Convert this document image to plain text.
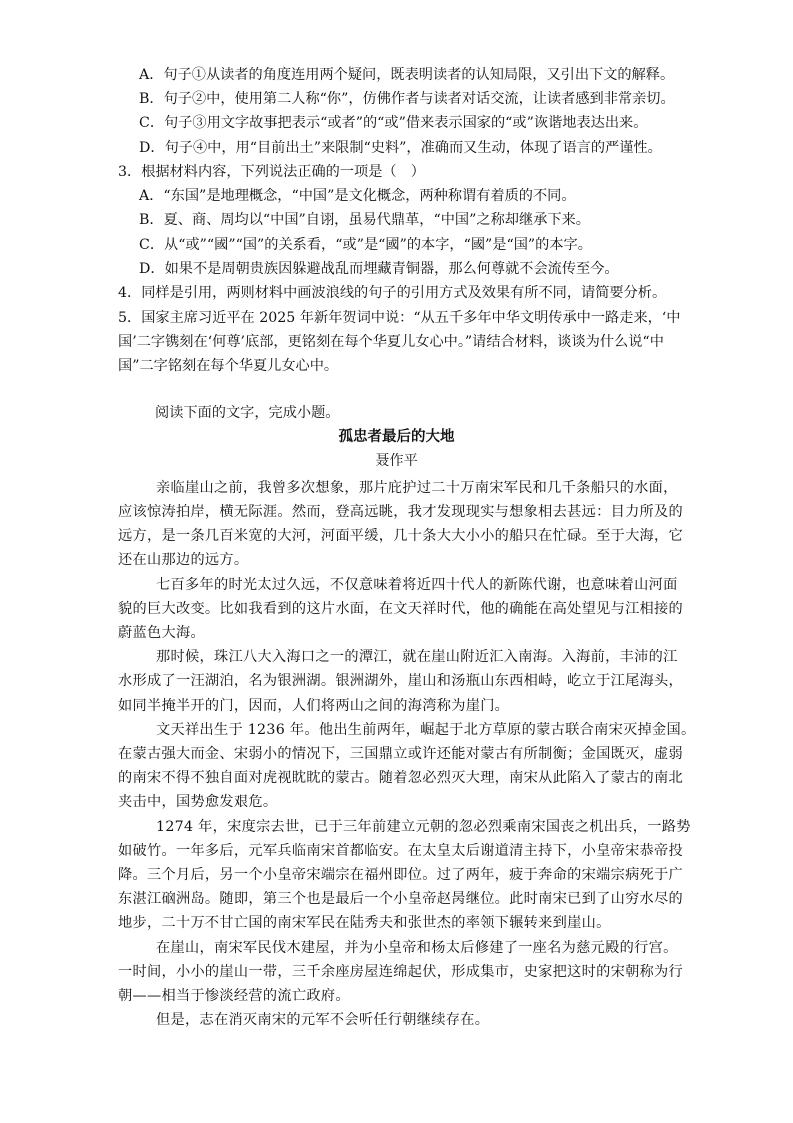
A．句子①从读者的角度连用两个疑问，既表明读者的认知局限，又引出下文的解释。
B．句子②中，使用第二人称“你”，仿佛作者与读者对话交流，让读者感到非常亲切。
C．句子③用文字故事把表示“或者”的“或”借来表示国家的“或”诙谐地表达出来。
D．句子④中，用“目前出土”来限制“史料”，准确而又生动，体现了语言的严谨性。
3．根据材料内容，下列说法正确的一项是（　）
A．“东国”是地理概念，“中国”是文化概念，两种称谓有着质的不同。
B．夏、商、周均以“中国”自诩，虽易代鼎革，“中国”之称却继承下来。
C．从“或”“國”“国”的关系看，“或”是“國”的本字，“國”是“国”的本字。
D．如果不是周朝贵族因躲避战乱而埋藏青铜器，那么何尊就不会流传至今。
4．同样是引用，两则材料中画波浪线的句子的引用方式及效果有所不同，请简要分析。
5．国家主席习近平在 2025 年新年贺词中说：“从五千多年中华文明传承中一路走来，‘中
国’二字镌刻在‘何尊’底部，更铭刻在每个华夏儿女心中。”请结合材料，谈谈为什么说“中
国”二字铭刻在每个华夏儿女心中。
阅读下面的文字，完成小题。
孤忠者最后的大地
聂作平
亲临崖山之前，我曾多次想象，那片庇护过二十万南宋军民和几千条船只的水面，
应该惊涛拍岸，横无际涯。然而，登高远眺，我才发现现实与想象相去甚远：目力所及的
远方，是一条几百米宽的大河，河面平缓，几十条大大小小的船只在忙碌。至于大海，它
还在山那边的远方。
七百多年的时光太过久远，不仅意味着将近四十代人的新陈代谢，也意味着山河面
貌的巨大改变。比如我看到的这片水面，在文天祥时代，他的确能在高处望见与江相接的
蔚蓝色大海。
那时候，珠江八大入海口之一的潭江，就在崖山附近汇入南海。入海前，丰沛的江
水形成了一汪湖泊，名为银洲湖。银洲湖外，崖山和汤瓶山东西相峙，屹立于江尾海头，
如同半掩半开的门，因而，人们将两山之间的海湾称为崖门。
文天祥出生于 1236 年。他出生前两年，崛起于北方草原的蒙古联合南宋灭掉金国。
在蒙古强大而金、宋弱小的情况下，三国鼎立或许还能对蒙古有所制衡；金国既灭，虚弱
的南宋不得不独自面对虎视眈眈的蒙古。随着忽必烈灭大理，南宋从此陷入了蒙古的南北
夹击中，国势愈发艰危。
1274 年，宋度宗去世，已于三年前建立元朝的忽必烈乘南宋国丧之机出兵，一路势
如破竹。一年多后，元军兵临南宋首都临安。在太皇太后谢道清主持下，小皇帝宋恭帝投
降。三个月后，另一个小皇帝宋端宗在福州即位。过了两年，疲于奔命的宋端宗病死于广
东湛江硇洲岛。随即，第三个也是最后一个小皇帝赵昺继位。此时南宋已到了山穷水尽的
地步，二十万不甘亡国的南宋军民在陆秀夫和张世杰的率领下辗转来到崖山。
在崖山，南宋军民伐木建屋，并为小皇帝和杨太后修建了一座名为慈元殿的行宫。
一时间，小小的崖山一带，三千余座房屋连绵起伏，形成集市，史家把这时的宋朝称为行
朝——相当于惨淡经营的流亡政府。
但是，志在消灭南宋的元军不会听任行朝继续存在。
